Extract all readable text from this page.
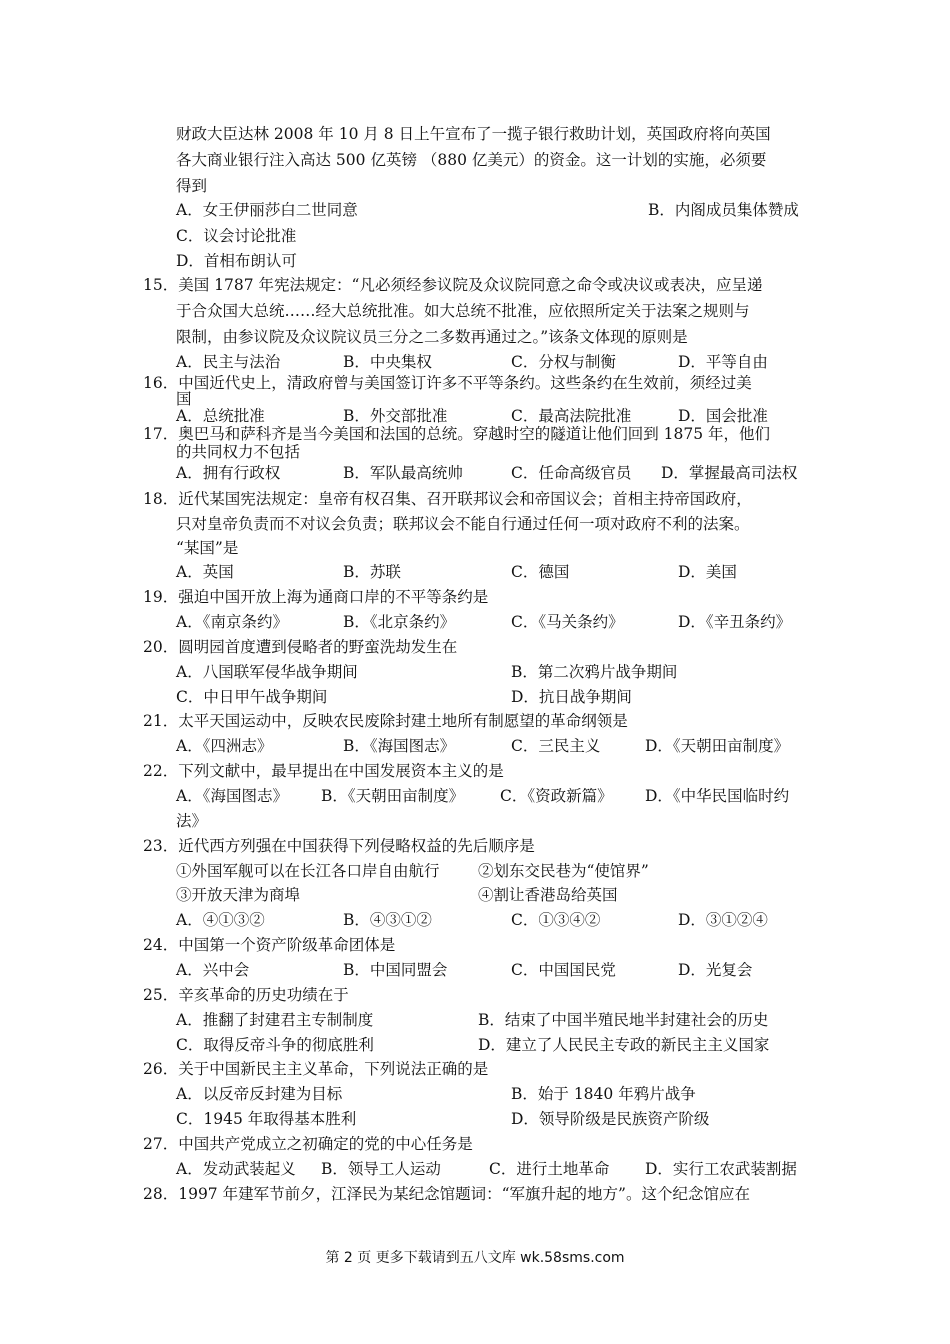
财政大臣达林 2008 年 10 月 8 日上午宣布了一揽子银行救助计划，英国政府将向英国
各大商业银行注入高达 500 亿英镑 （880 亿美元）的资金。这一计划的实施，必须要
得到
A．女王伊丽莎白二世同意	B．内阁成员集体赞成
C．议会讨论批准
D．首相布朗认可
15．美国 1787 年宪法规定：“凡必须经参议院及众议院同意之命令或决议或表决，应呈递
于合众国大总统……经大总统批准。如大总统不批准，应依照所定关于法案之规则与
限制，由参议院及众议院议员三分之二多数再通过之。”该条文体现的原则是
A．民主与法治	B．中央集权	C．分权与制衡	D．平等自由
16．中国近代史上，清政府曾与美国签订许多不平等条约。这些条约在生效前，须经过美
国
A．总统批准	B．外交部批准	C．最高法院批准	D．国会批准
17．奥巴马和萨科齐是当今美国和法国的总统。穿越时空的隧道让他们回到 1875 年，他们
的共同权力不包括
A．拥有行政权	B．军队最高统帅	C．任命高级官员 D．掌握最高司法权
18．近代某国宪法规定：皇帝有权召集、召开联邦议会和帝国议会；首相主持帝国政府，
只对皇帝负责而不对议会负责；联邦议会不能自行通过任何一项对政府不利的法案。
“某国”是
A．英国	B．苏联	C．德国	D．美国
19．强迫中国开放上海为通商口岸的不平等条约是
A．《南京条约》	B．《北京条约》	C．《马关条约》	D．《辛丑条约》
20．圆明园首度遭到侵略者的野蛮洗劫发生在
A．八国联军侵华战争期间	B．第二次鸦片战争期间
C．中日甲午战争期间	D．抗日战争期间
21．太平天国运动中，反映农民废除封建土地所有制愿望的革命纲领是
A．《四洲志》	B．《海国图志》	C．三民主义	D．《天朝田亩制度》
22．下列文献中，最早提出在中国发展资本主义的是
A．《海国图志》 B．《天朝田亩制度》 C．《资政新篇》 D．《中华民国临时约
法》
23．近代西方列强在中国获得下列侵略权益的先后顺序是
①外国军舰可以在长江各口岸自由航行 ②划东交民巷为“使馆界”
③开放天津为商埠	④割让香港岛给英国
A．④①③②	B．④③①②	C．①③④②	D．③①②④
24．中国第一个资产阶级革命团体是
A．兴中会	B．中国同盟会	C．中国国民党	D．光复会
25．辛亥革命的历史功绩在于
A．推翻了封建君主专制制度	B．结束了中国半殖民地半封建社会的历史
C．取得反帝斗争的彻底胜利	D．建立了人民民主专政的新民主主义国家
26．关于中国新民主主义革命，下列说法正确的是
A．以反帝反封建为目标	B．始于 1840 年鸦片战争
C．1945 年取得基本胜利	D．领导阶级是民族资产阶级
27．中国共产党成立之初确定的党的中心任务是
A．发动武装起义 B．领导工人运动	C．进行土地革命 D．实行工农武装割据
28．1997 年建军节前夕，江泽民为某纪念馆题词：“军旗升起的地方”。这个纪念馆应在
第 2 页 更多下载请到五八文库 wk.58sms.com
